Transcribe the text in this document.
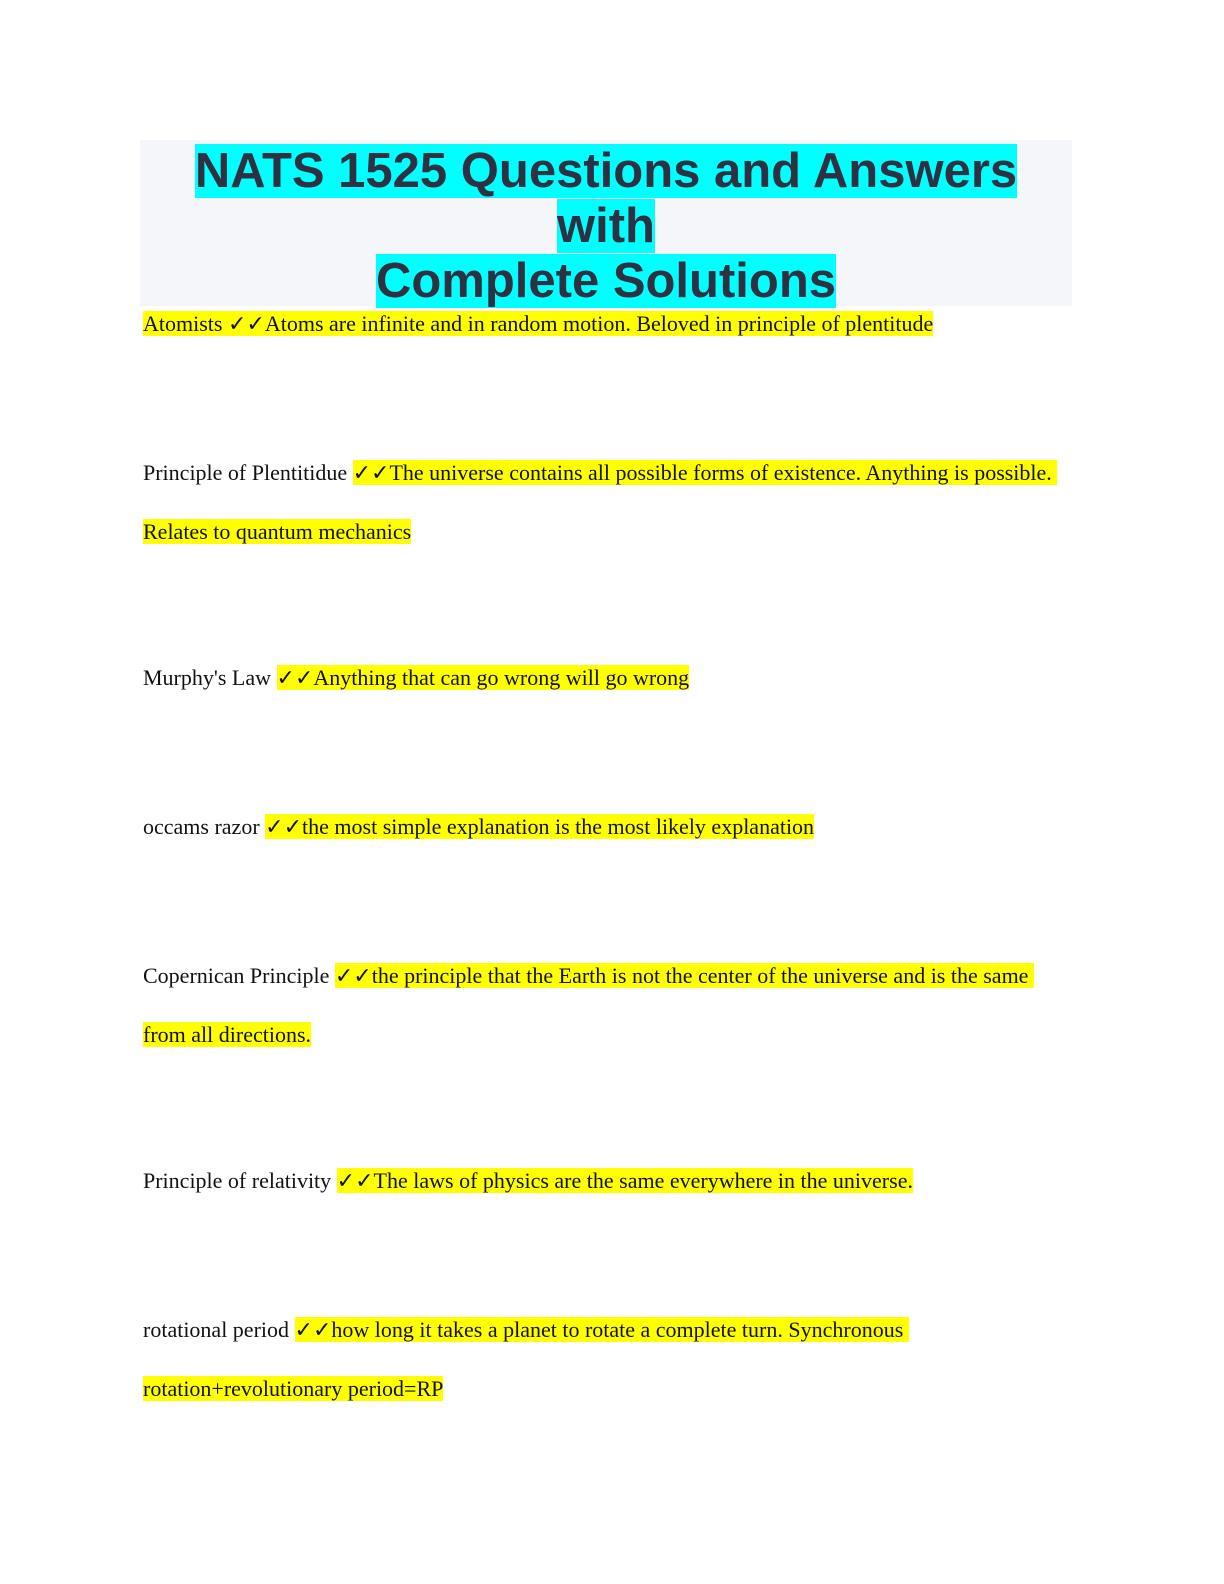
NATS 1525 Questions and Answers with
Complete Solutions
Atomists ✓✓Atoms are infinite and in random motion. Beloved in principle of plentitude
Principle of Plentitidue ✓✓The universe contains all possible forms of existence. Anything is possible. Relates to quantum mechanics
Murphy's Law ✓✓Anything that can go wrong will go wrong
occams razor ✓✓the most simple explanation is the most likely explanation
Copernican Principle ✓✓the principle that the Earth is not the center of the universe and is the same from all directions.
Principle of relativity ✓✓The laws of physics are the same everywhere in the universe.
rotational period ✓✓how long it takes a planet to rotate a complete turn. Synchronous rotation+revolutionary period=RP
